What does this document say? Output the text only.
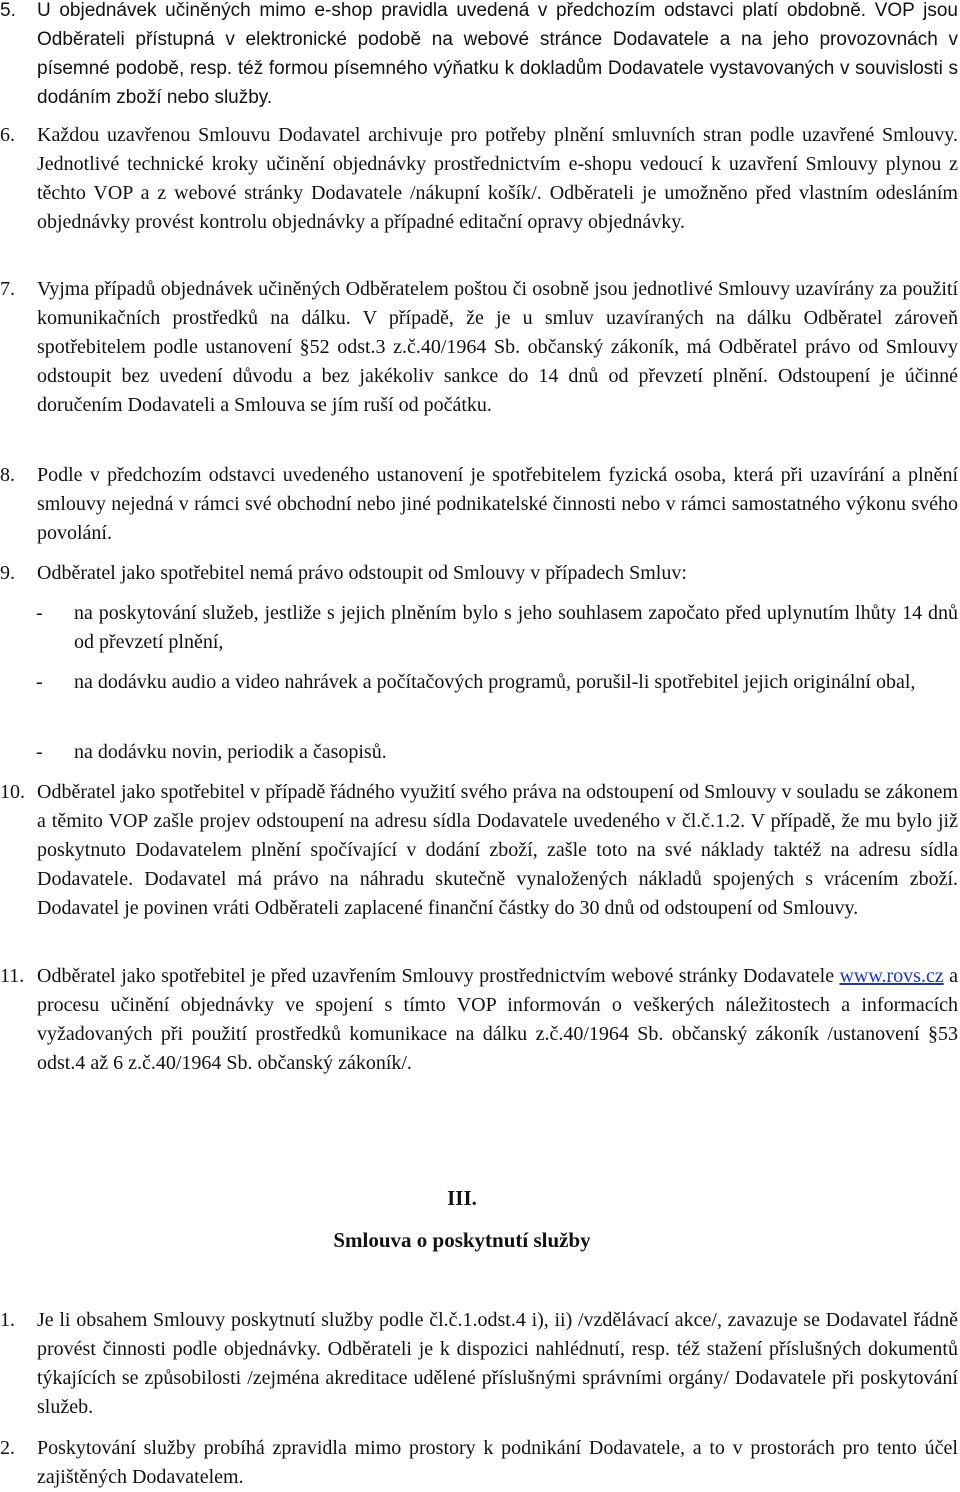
5.	U objednávek učiněných mimo e-shop pravidla uvedená v předchozím odstavci platí obdobně. VOP jsou Odběrateli přístupná v elektronické podobě na webové stránce Dodavatele a na jeho provozovnách v písemné podobě, resp. též formou písemného výňatku k dokladům Dodavatele vystavovaných v souvislosti s dodáním zboží nebo služby.
6.	Každou uzavřenou Smlouvu Dodavatel archivuje pro potřeby plnění smluvních stran podle uzavřené Smlouvy. Jednotlivé technické kroky učinění objednávky prostřednictvím e-shopu vedoucí k uzavření Smlouvy plynou z těchto VOP a z webové stránky Dodavatele /nákupní košík/. Odběrateli je umožněno před vlastním odesláním objednávky provést kontrolu objednávky a případné editační opravy objednávky.
7.	Vyjma případů objednávek učiněných Odběratelem poštou či osobně jsou jednotlivé Smlouvy uzavírány za použití komunikačních prostředků na dálku. V případě, že je u smluv uzavíraných na dálku Odběratel zároveň spotřebitelem podle ustanovení §52 odst.3 z.č.40/1964 Sb. občanský zákoník, má Odběratel právo od Smlouvy odstoupit bez uvedení důvodu a bez jakékoliv sankce do 14 dnů od převzetí plnění. Odstoupení je účinné doručením Dodavateli a Smlouva se jím ruší od počátku.
8.	Podle v předchozím odstavci uvedeného ustanovení je spotřebitelem fyzická osoba, která při uzavírání a plnění smlouvy nejedná v rámci své obchodní nebo jiné podnikatelské činnosti nebo v rámci samostatného výkonu svého povolání.
9.	Odběratel jako spotřebitel nemá právo odstoupit od Smlouvy v případech Smluv:
-	na poskytování služeb, jestliže s jejich plněním bylo s jeho souhlasem započato před uplynutím lhůty 14 dnů od převzetí plnění,
-	na dodávku audio a video nahrávek a počítačových programů, porušil-li spotřebitel jejich originální obal,
-	na dodávku novin, periodik a časopisů.
10. Odběratel jako spotřebitel v případě řádného využití svého práva na odstoupení od Smlouvy v souladu se zákonem a těmito VOP zašle projev odstoupení na adresu sídla Dodavatele uvedeného v čl.č.1.2. V případě, že mu bylo již poskytnuto Dodavatelem plnění spočívající v dodání zboží, zašle toto na své náklady taktéž na adresu sídla Dodavatele. Dodavatel má právo na náhradu skutečně vynaložených nákladů spojených s vrácením zboží. Dodavatel je povinen vráti Odběrateli zaplacené finanční částky do 30 dnů od odstoupení od Smlouvy.
11. Odběratel jako spotřebitel je před uzavřením Smlouvy prostřednictvím webové stránky Dodavatele www.rovs.cz a procesu učinění objednávky ve spojení s tímto VOP informován o veškerých náležitostech a informacích vyžadovaných při použití prostředků komunikace na dálku z.č.40/1964 Sb. občanský zákoník /ustanovení §53 odst.4 až 6 z.č.40/1964 Sb. občanský zákoník/.
III.
Smlouva o poskytnutí služby
1.	Je li obsahem Smlouvy poskytnutí služby podle čl.č.1.odst.4 i), ii) /vzdělávací akce/, zavazuje se Dodavatel řádně provést činnosti podle objednávky. Odběrateli je k dispozici nahlédnutí, resp. též stažení příslušných dokumentů týkajících se způsobilosti /zejména akreditace udělené příslušnými správními orgány/ Dodavatele při poskytování služeb.
2.	Poskytování služby probíhá zpravidla mimo prostory k podnikání Dodavatele, a to v prostorách pro tento účel zajištěných Dodavatelem.
